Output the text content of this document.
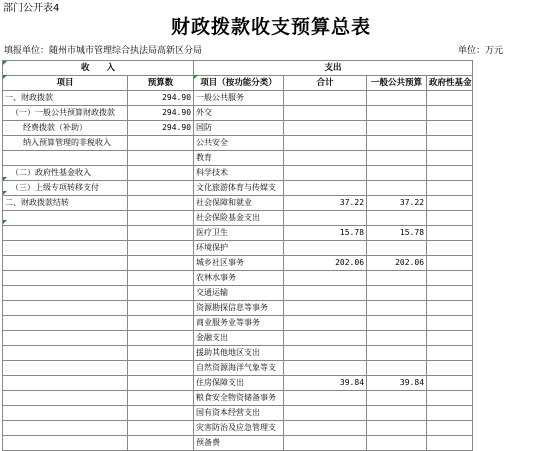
部门公开表4
财政拨款收支预算总表
填报单位：随州市城市管理综合执法局高新区分局	单位：万元
收　　入		支出			
项目	预算数	项目（按功能分类）	合计	一般公共预算	政府性基金
一、财政拨款	294.90	一般公共服务			
（一）一般公共预算财政拨款	294.90	外交			
经费拨款（补助）	294.90	国防			
纳入预算管理的非税收入		公共安全			
		教育			
（二）政府性基金收入		科学技术			
（三）上级专项转移支付		文化旅游体育与传媒支			
二、财政拨款结转		社会保障和就业	37.22	37.22	
		社会保险基金支出			
		医疗卫生	15.78	15.78	
		环境保护			
		城乡社区事务	202.06	202.06	
		农林水事务			
		交通运输			
		资源勘探信息等事务			
		商业服务业等事务			
		金融支出			
		援助其他地区支出			
		自然资源海洋气象等支			
		住房保障支出	39.84	39.84	
		粮食安全物资储备事务			
		国有资本经营支出			
		灾害防治及应急管理支			
		预备费			
